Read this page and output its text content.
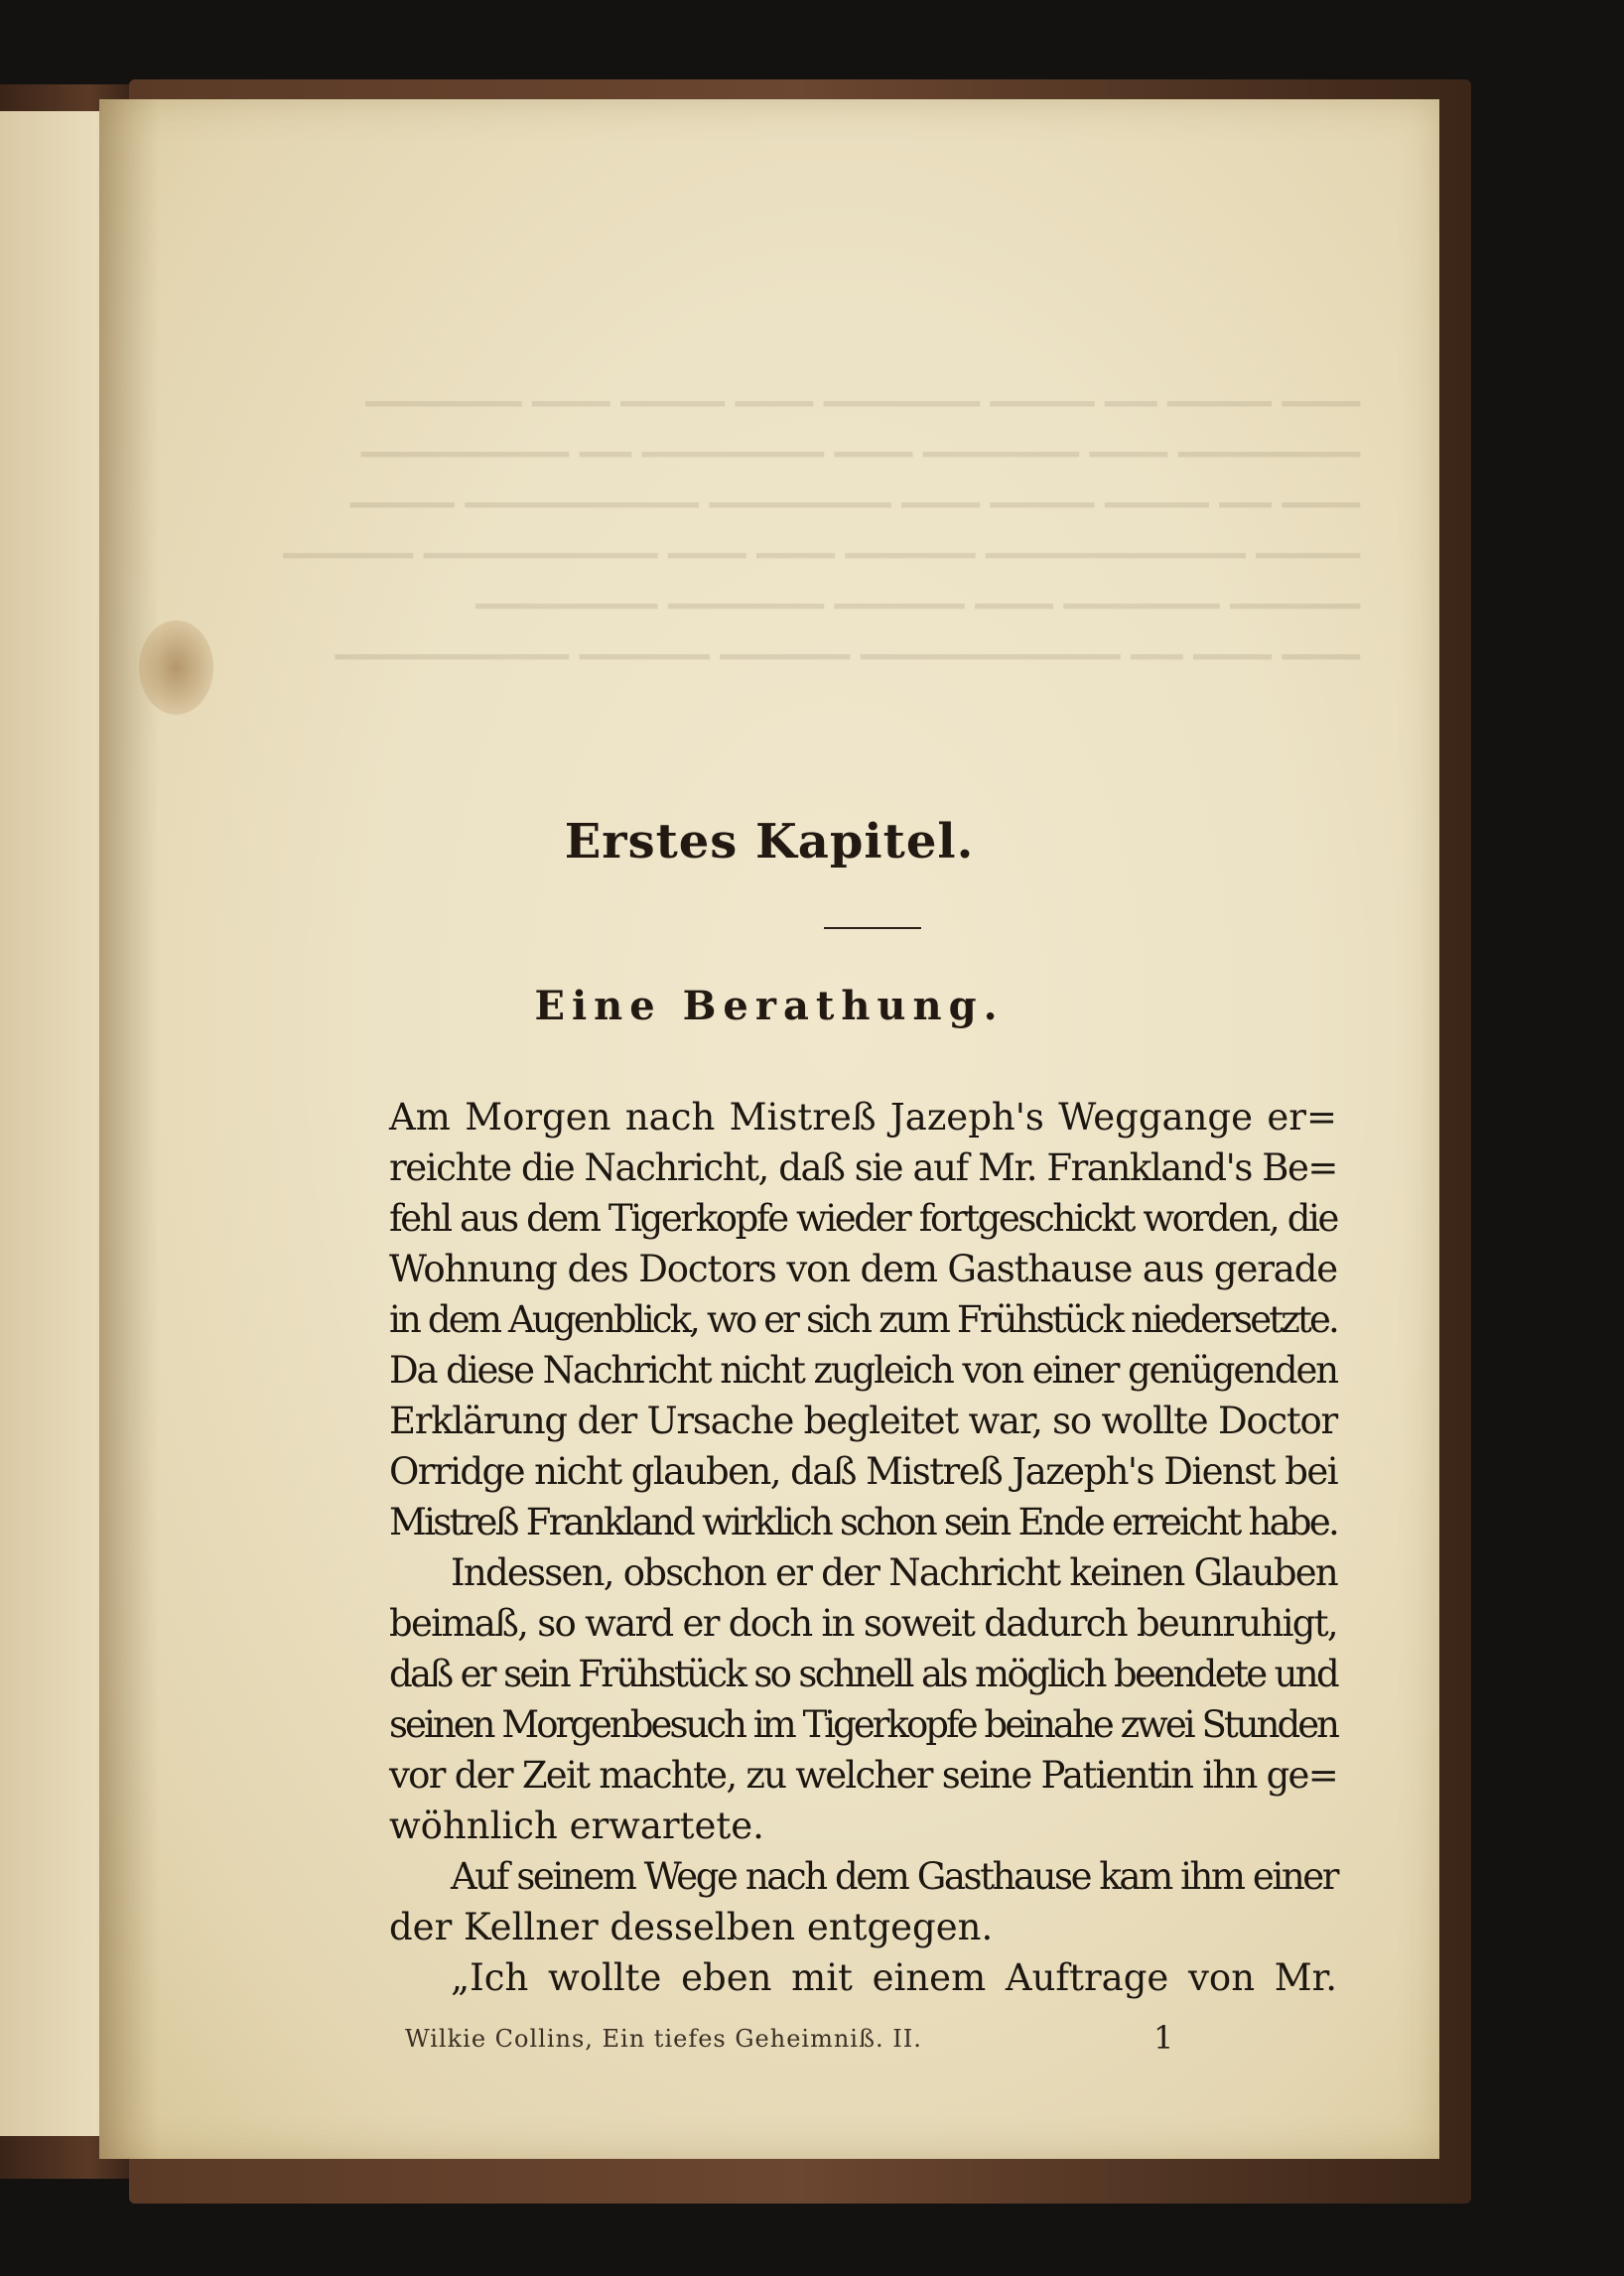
▔▔▔ ▔▔▔▔ ▔▔ ▔▔▔▔ ▔▔▔▔▔▔ ▔▔▔ ▔▔▔▔ ▔▔▔ ▔▔▔▔▔▔
▔▔▔▔▔▔▔ ▔▔▔ ▔▔▔▔▔▔ ▔▔▔ ▔▔▔▔▔▔▔ ▔▔ ▔▔▔▔▔▔▔▔
▔▔▔ ▔▔ ▔▔▔▔ ▔▔▔▔ ▔▔▔ ▔▔▔▔▔▔▔ ▔▔▔▔▔▔▔▔▔ ▔▔▔▔
▔▔▔▔ ▔▔▔▔▔▔▔▔▔▔ ▔▔▔▔▔ ▔▔▔ ▔▔▔ ▔▔▔▔▔▔▔▔▔ ▔▔▔▔▔
▔▔▔▔▔ ▔▔▔▔▔▔ ▔▔▔ ▔▔▔▔▔ ▔▔▔▔▔▔ ▔▔▔▔▔▔▔
▔▔▔ ▔▔▔ ▔▔ ▔▔▔▔▔▔▔▔▔▔ ▔▔▔▔▔ ▔▔▔▔▔ ▔▔▔▔▔▔▔▔▔
Erstes Kapitel.
Eine Berathung.
Am Morgen nach Mistreß Jazeph's Weggange er=
reichte die Nachricht, daß sie auf Mr. Frankland's Be=
fehl aus dem Tigerkopfe wieder fortgeschickt worden, die
Wohnung des Doctors von dem Gasthause aus gerade
in dem Augenblick, wo er sich zum Frühstück niedersetzte.
Da diese Nachricht nicht zugleich von einer genügenden
Erklärung der Ursache begleitet war, so wollte Doctor
Orridge nicht glauben, daß Mistreß Jazeph's Dienst bei
Mistreß Frankland wirklich schon sein Ende erreicht habe.
Indessen, obschon er der Nachricht keinen Glauben
beimaß, so ward er doch in soweit dadurch beunruhigt,
daß er sein Frühstück so schnell als möglich beendete und
seinen Morgenbesuch im Tigerkopfe beinahe zwei Stunden
vor der Zeit machte, zu welcher seine Patientin ihn ge=
wöhnlich erwartete.
Auf seinem Wege nach dem Gasthause kam ihm einer
der Kellner desselben entgegen.
„Ich wollte eben mit einem Auftrage von Mr.
Wilkie Collins, Ein tiefes Geheimniß. II.	1
